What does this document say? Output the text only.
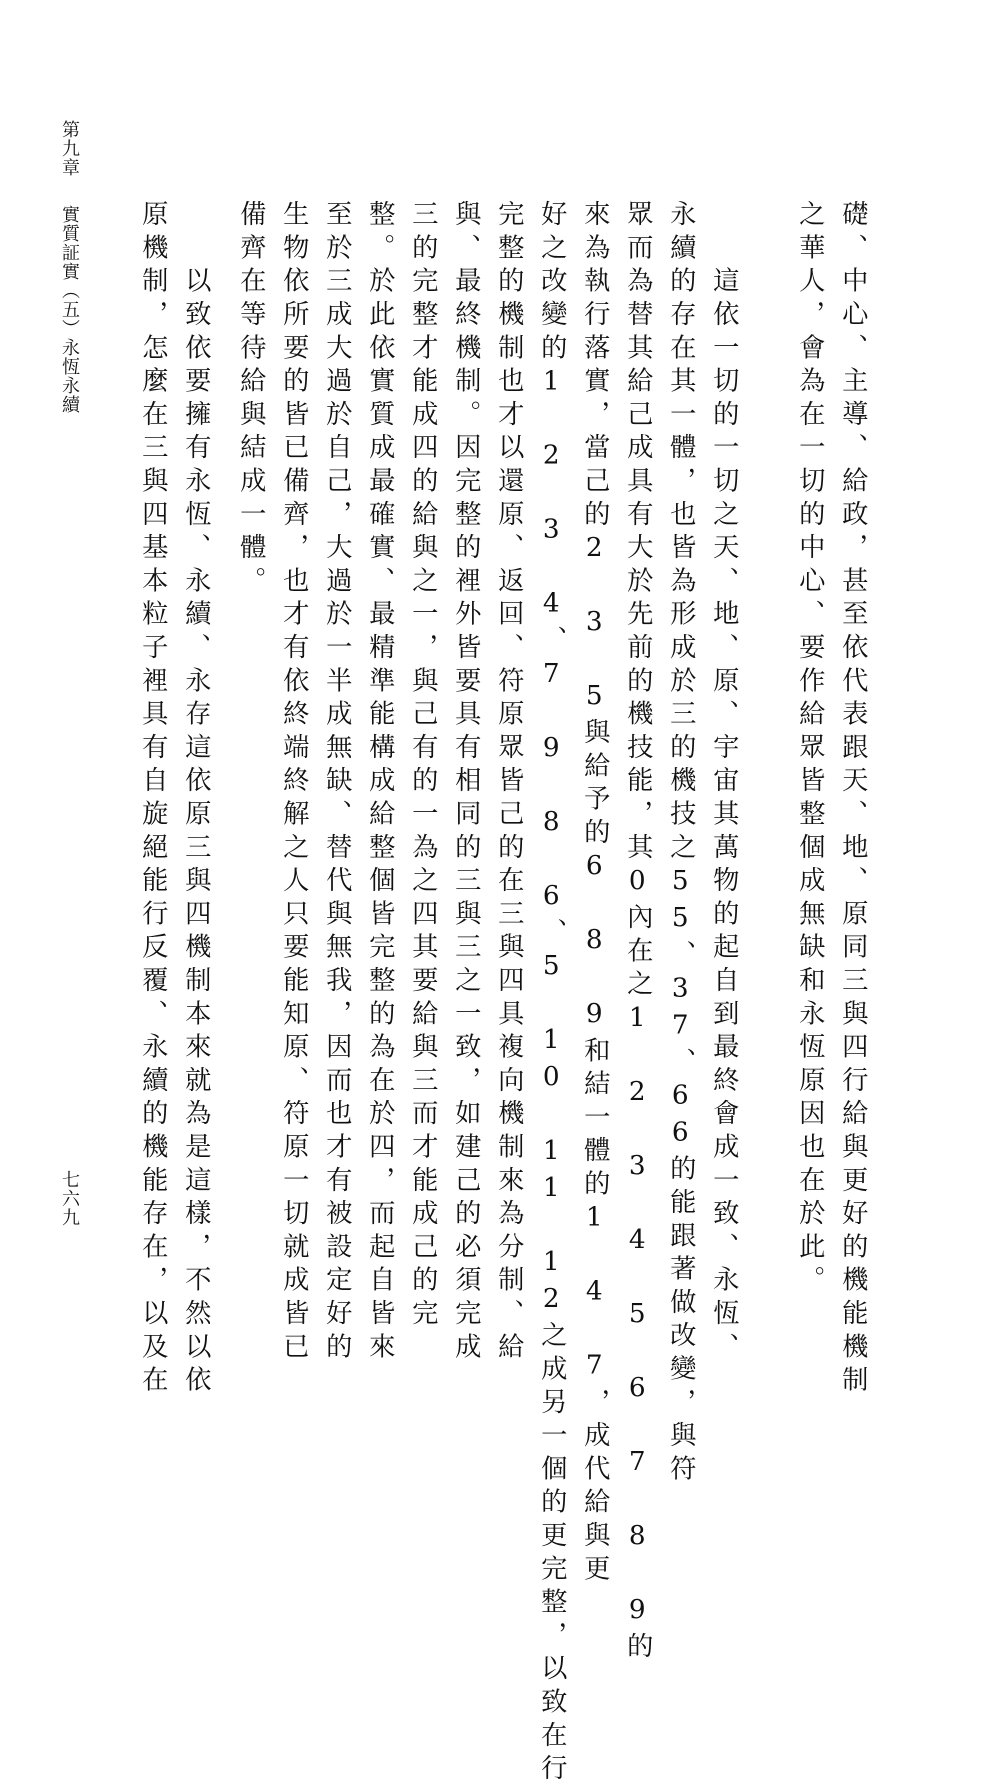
第九章

實質証實（五）永恆永續

七六九	礎、中心、主導、給政，甚至依代表跟天、地、原同三與四行給與更好的機能機制

之華人，會為在一切的中心、要作給眾皆整個成無缺和永恆原因也在於此。

　　這依一切的一切之天、地、原、宇宙其萬物的起自到最終會成一致、永恆、

永續的存在其一體，也皆為形成於三的機技之55、37、66的能跟著做改變，與符

眾而為替其給己成具有大於先前的機技能，其0內在之1 2 3 4 5 6 7 8 9的

來為執行落實，當己的2 3 5與給予的6 8 9和結一體的1 4 7，成代給與更

好之改變的1 2 3 4、7 9 8 6、5 10 11 12之成另一個的更完整，以致在行

完整的機制也才以還原、返回、符原眾皆己的在三與四具複向機制來為分制、給

與、最終機制。因完整的裡外皆要具有相同的三與三之一致，如建己的必須完成

三的完整才能成四的給與之一，與己有的一為之四其要給與三而才能成己的完

整。於此依實質成最確實、最精準能構成給整個皆完整的為在於四，而起自皆來

至於三成大過於自己，大過於一半成無缺、替代與無我，因而也才有被設定好的

生物依所要的皆已備齊，也才有依終端終解之人只要能知原、符原一切就成皆已

備齊在等待給與結成一體。

　　以致依要擁有永恆、永續、永存這依原三與四機制本來就為是這樣，不然以依

原機制，怎麼在三與四基本粒子裡具有自旋絕能行反覆、永續的機能存在，以及在
